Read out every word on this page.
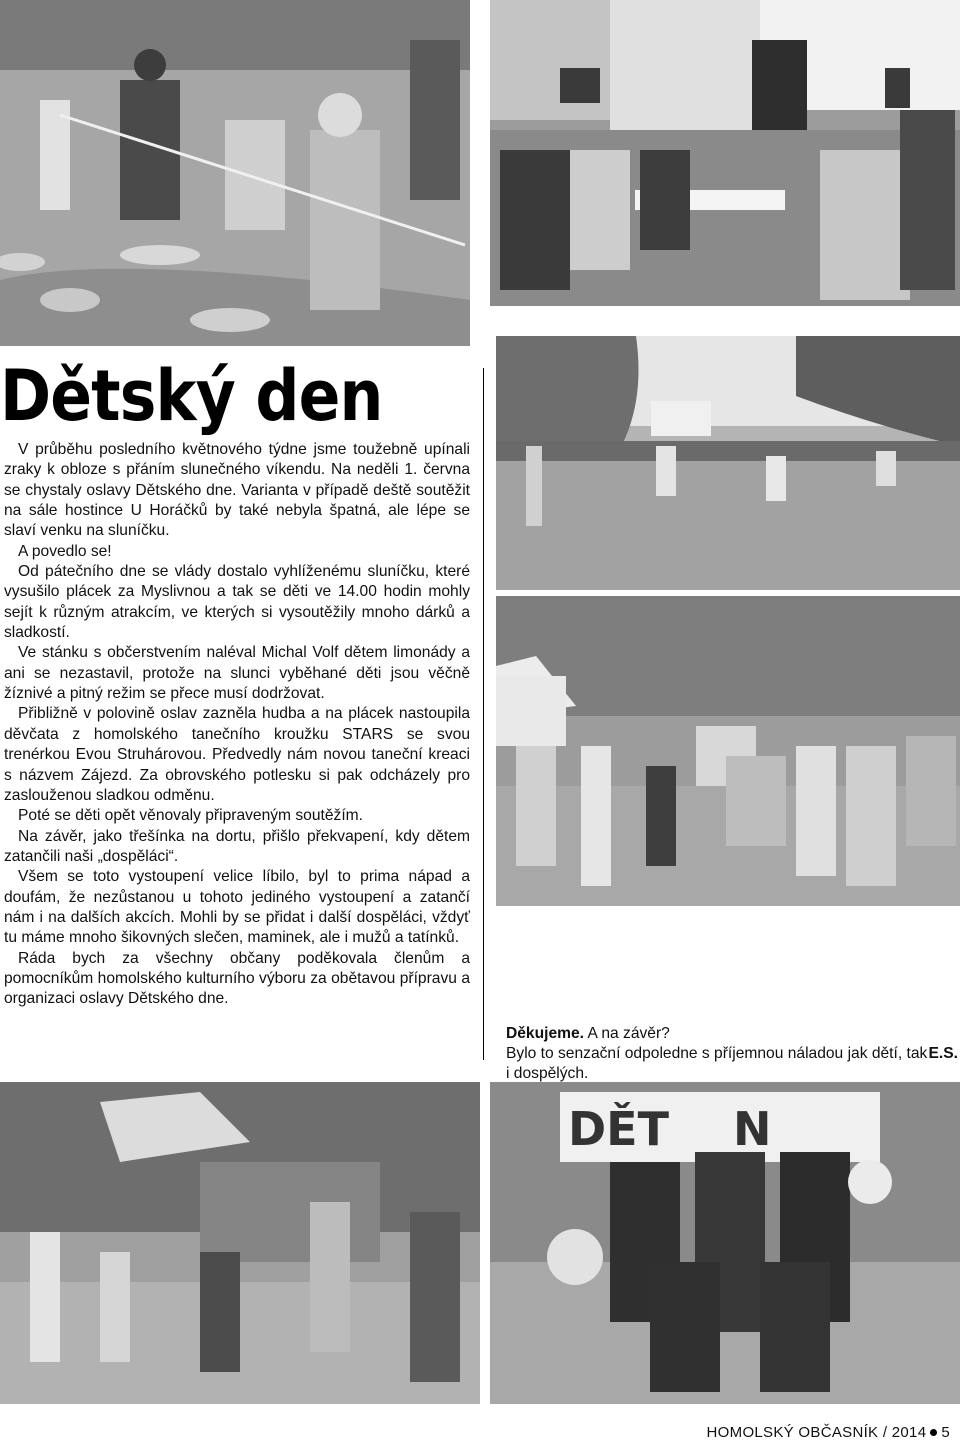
DĚT    N
Dětský den

V průběhu posledního květnového týdne jsme toužebně upínali zraky k obloze s přáním slunečného víkendu. Na neděli 1. června se chystaly oslavy Dětského dne. Varianta v případě deště soutěžit na sále hostince U Horáčků by také nebyla špatná, ale lépe se slaví venku na sluníčku.

A povedlo se!

Od pátečního dne se vlády dostalo vyhlíženému sluníčku, které vysušilo plácek za Myslivnou a tak se děti ve 14.00 hodin mohly sejít k různým atrakcím, ve kterých si vysoutěžily mnoho dárků a sladkostí.

Ve stánku s občerstvením naléval Michal Volf dětem limonády a ani se nezastavil, protože na slunci vyběhané děti jsou věčně žíznivé a pitný režim se přece musí dodržovat.

Přibližně v polovině oslav zazněla hudba a na plácek nastoupila děvčata z homolského tanečního kroužku STARS se svou trenérkou Evou Struhárovou. Předvedly nám novou taneční kreaci s názvem Zájezd. Za obrovského potlesku si pak odcházely pro zaslouženou sladkou odměnu.

Poté se děti opět věnovaly připraveným soutěžím.

Na závěr, jako třešínka na dortu, přišlo překvapení, kdy dětem zatančili naši „dospěláci“.

Všem se toto vystoupení velice líbilo, byl to prima nápad a doufám, že nezůstanou u tohoto jediného vystoupení a zatančí nám i na dalších akcích. Mohli by se přidat i další dospěláci, vždyť tu máme mnoho šikovných slečen, maminek, ale i mužů a tatínků.

Ráda bych za všechny občany poděkovala členům a pomocníkům homolského kulturního výboru za obětavou přípravu a organizaci oslavy Dětského dne.

Děkujeme. A na závěr?

E.S.
Bylo to senzační odpoledne s příjemnou náladou jak dětí, tak i dospělých.

HOMOLSKÝ OBČASNÍK / 2014 5
